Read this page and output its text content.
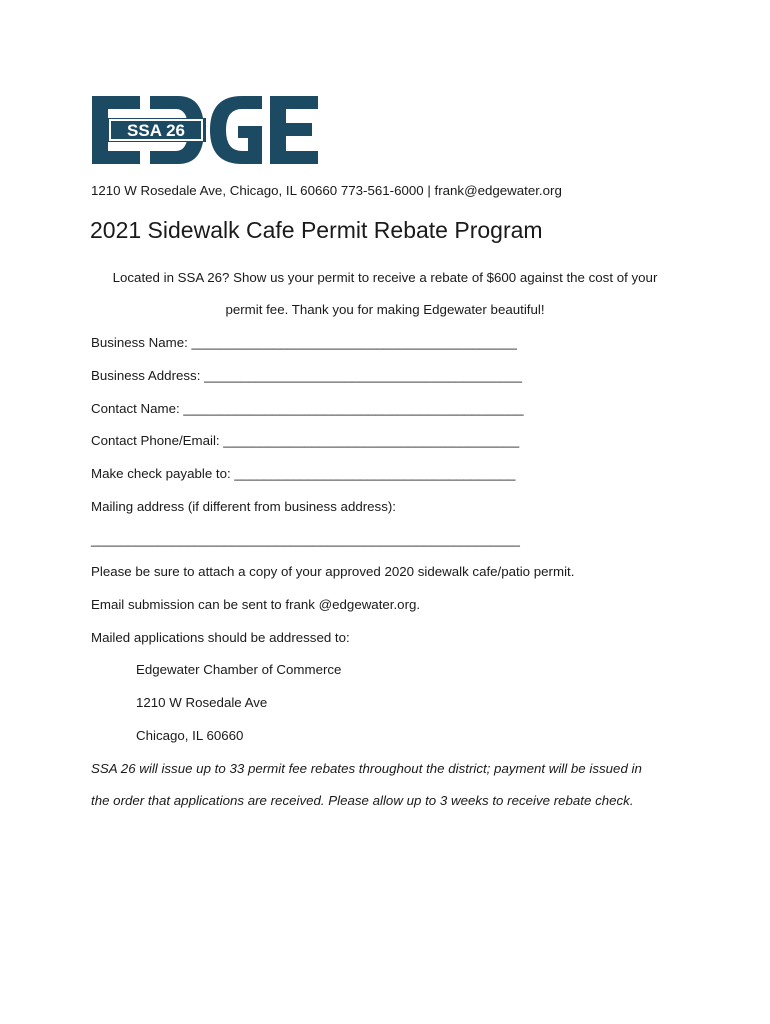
SSA 26
1210 W Rosedale Ave, Chicago, IL 60660 773-561-6000 | frank@edgewater.org
2021 Sidewalk Cafe Permit Rebate Program
Located in SSA 26? Show us your permit to receive a rebate of $600 against the cost of your
permit fee. Thank you for making Edgewater beautiful!
Business Name: ____________________________________________
Business Address: ___________________________________________
Contact Name: ______________________________________________
Contact Phone/Email: ________________________________________
Make check payable to: ______________________________________
Mailing address (if different from business address):
__________________________________________________________
Please be sure to attach a copy of your approved 2020 sidewalk cafe/patio permit.
Email submission can be sent to frank @edgewater.org.
Mailed applications should be addressed to:
Edgewater Chamber of Commerce
1210 W Rosedale Ave
Chicago, IL 60660
SSA 26 will issue up to 33 permit fee rebates throughout the district; payment will be issued in
the order that applications are received. Please allow up to 3 weeks to receive rebate check.
